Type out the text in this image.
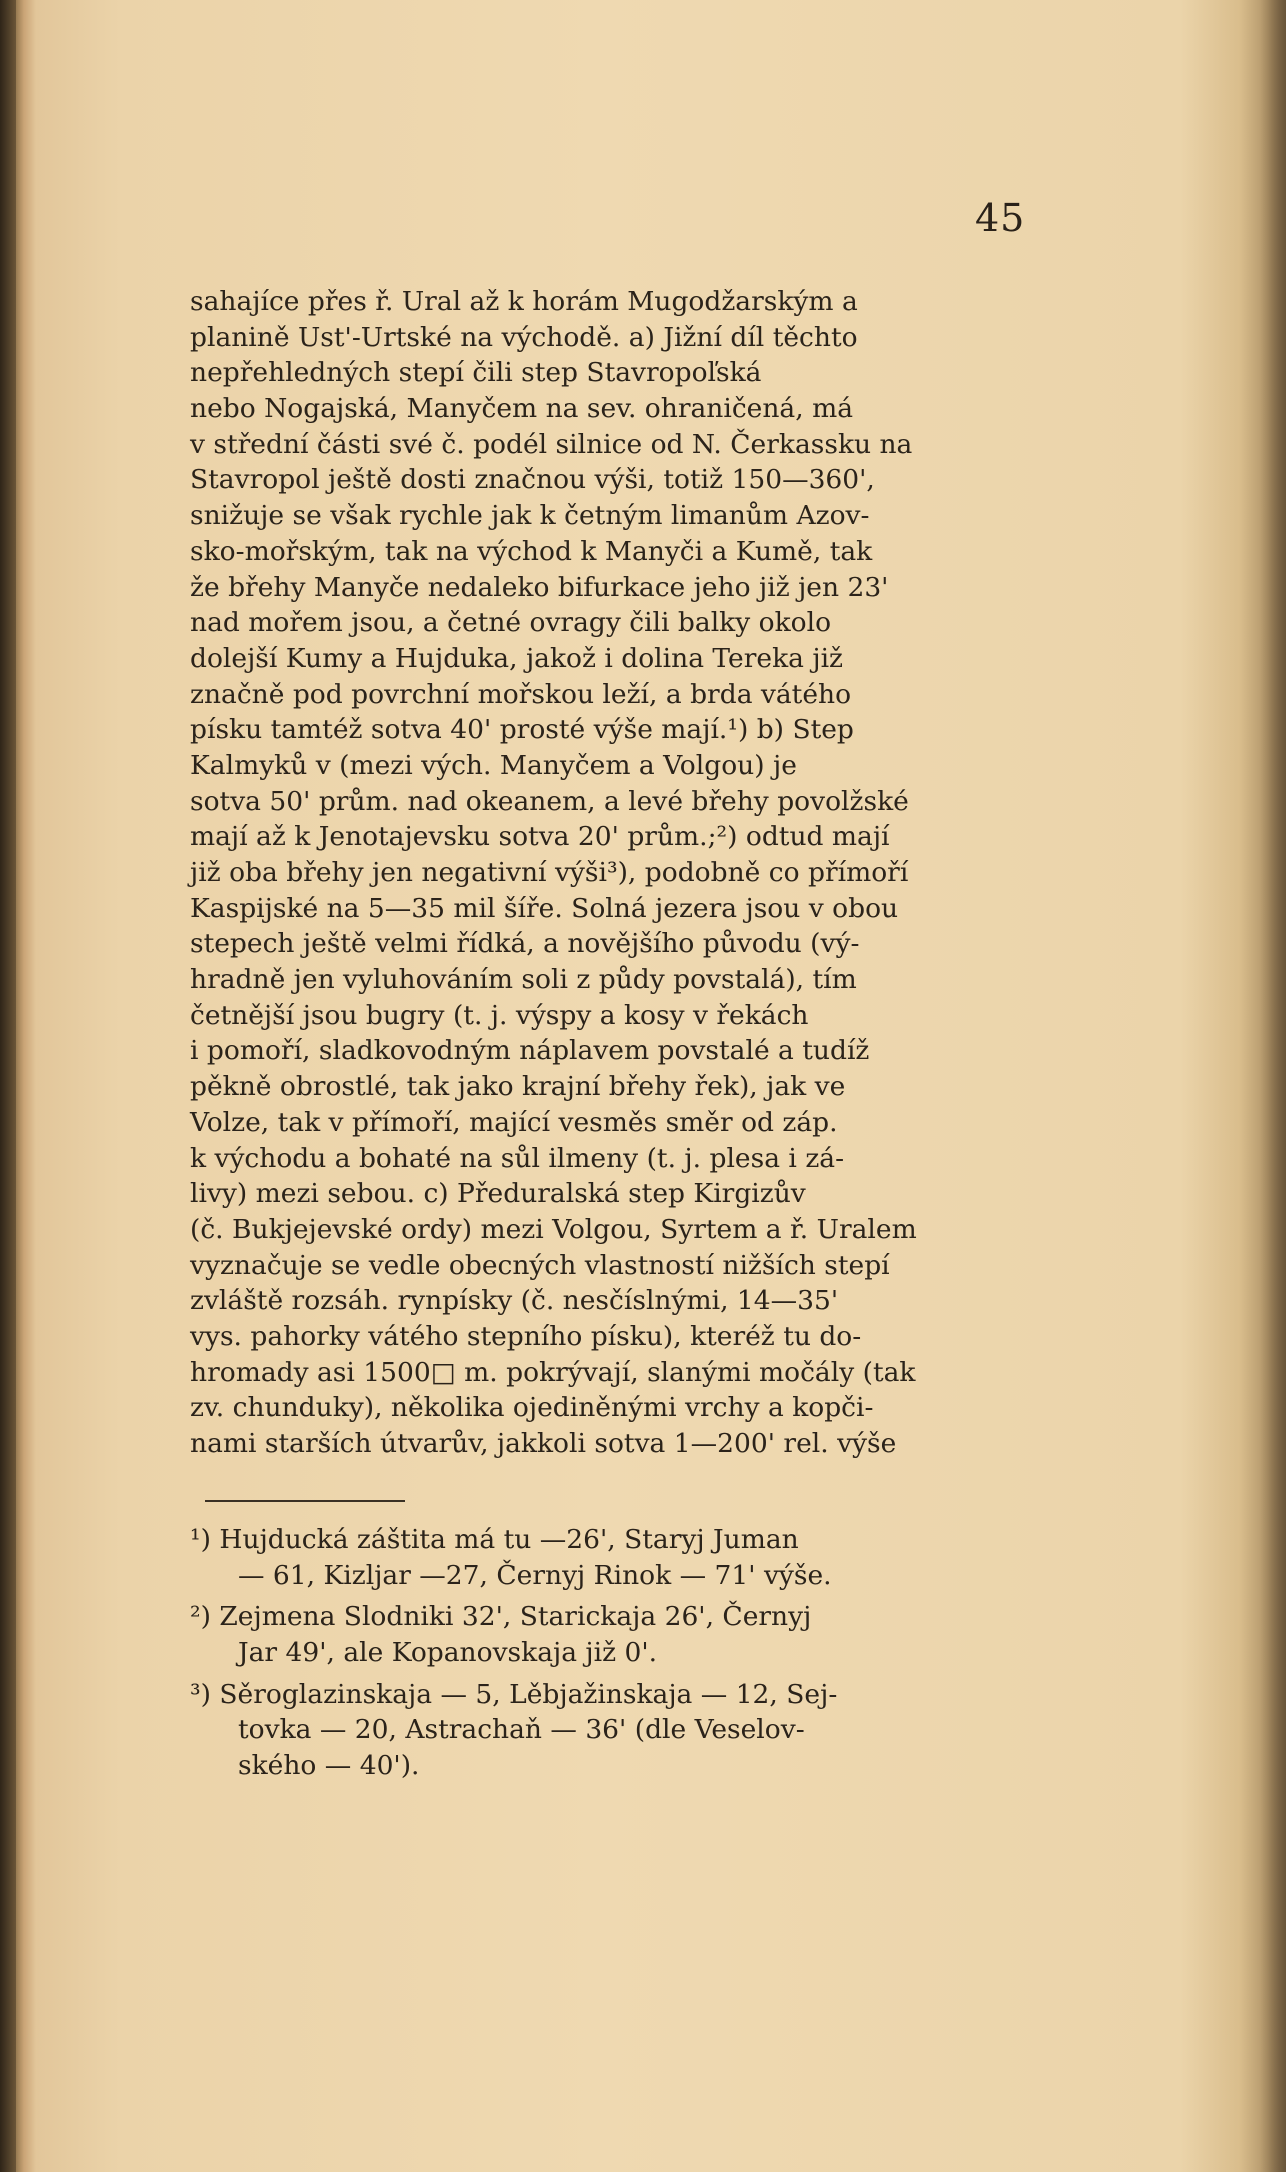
45
sahajíce přes ř. Ural až k horám Mugodžarským a
planině Ust'-Urtské na východě. a) Jižní díl těchto
nepřehledných stepí čili step Stavropoľská
nebo Nogajská, Manyčem na sev. ohraničená, má
v střední části své č. podél silnice od N. Čerkassku na
Stavropol ještě dosti značnou výši, totiž 150—360',
snižuje se však rychle jak k četným limanům Azov-
sko-mořským, tak na východ k Manyči a Kumě, tak
že břehy Manyče nedaleko bifurkace jeho již jen 23'
nad mořem jsou, a četné ovragy čili balky okolo
dolejší Kumy a Hujduka, jakož i dolina Tereka již
značně pod povrchní mořskou leží, a brda vátého
písku tamtéž sotva 40' prosté výše mají.¹) b) Step
Kalmyků v (mezi vých. Manyčem a Volgou) je
sotva 50' prům. nad okeanem, a levé břehy povolžské
mají až k Jenotajevsku sotva 20' prům.;²) odtud mají
již oba břehy jen negativní výši³), podobně co přímoří
Kaspijské na 5—35 mil šíře. Solná jezera jsou v obou
stepech ještě velmi řídká, a novějšího původu (vý-
hradně jen vyluhováním soli z půdy povstalá), tím
četnější jsou bugry (t. j. výspy a kosy v řekách
i pomoří, sladkovodným náplavem povstalé a tudíž
pěkně obrostlé, tak jako krajní břehy řek), jak ve
Volze, tak v přímoří, mající vesměs směr od záp.
k východu a bohaté na sůl ilmeny (t. j. plesa i zá-
livy) mezi sebou. c) Předuralská step Kirgizův
(č. Bukjejevské ordy) mezi Volgou, Syrtem a ř. Uralem
vyznačuje se vedle obecných vlastností nižších stepí
zvláště rozsáh. rynpísky (č. nesčíslnými, 14—35'
vys. pahorky vátého stepního písku), kteréž tu do-
hromady asi 1500□ m. pokrývají, slanými močály (tak
zv. chunduky), několika ojediněnými vrchy a kopči-
nami starších útvarův, jakkoli sotva 1—200' rel. výše
¹) Hujducká záštita má tu —26', Staryj Juman
— 61, Kizljar —27, Černyj Rinok — 71' výše.
²) Zejmena Slodniki 32', Starickaja 26', Černyj
Jar 49', ale Kopanovskaja již 0'.
³) Sěroglazinskaja — 5, Lěbjažinskaja — 12, Sej-
tovka — 20, Astrachaň — 36' (dle Veselov-
ského — 40').
